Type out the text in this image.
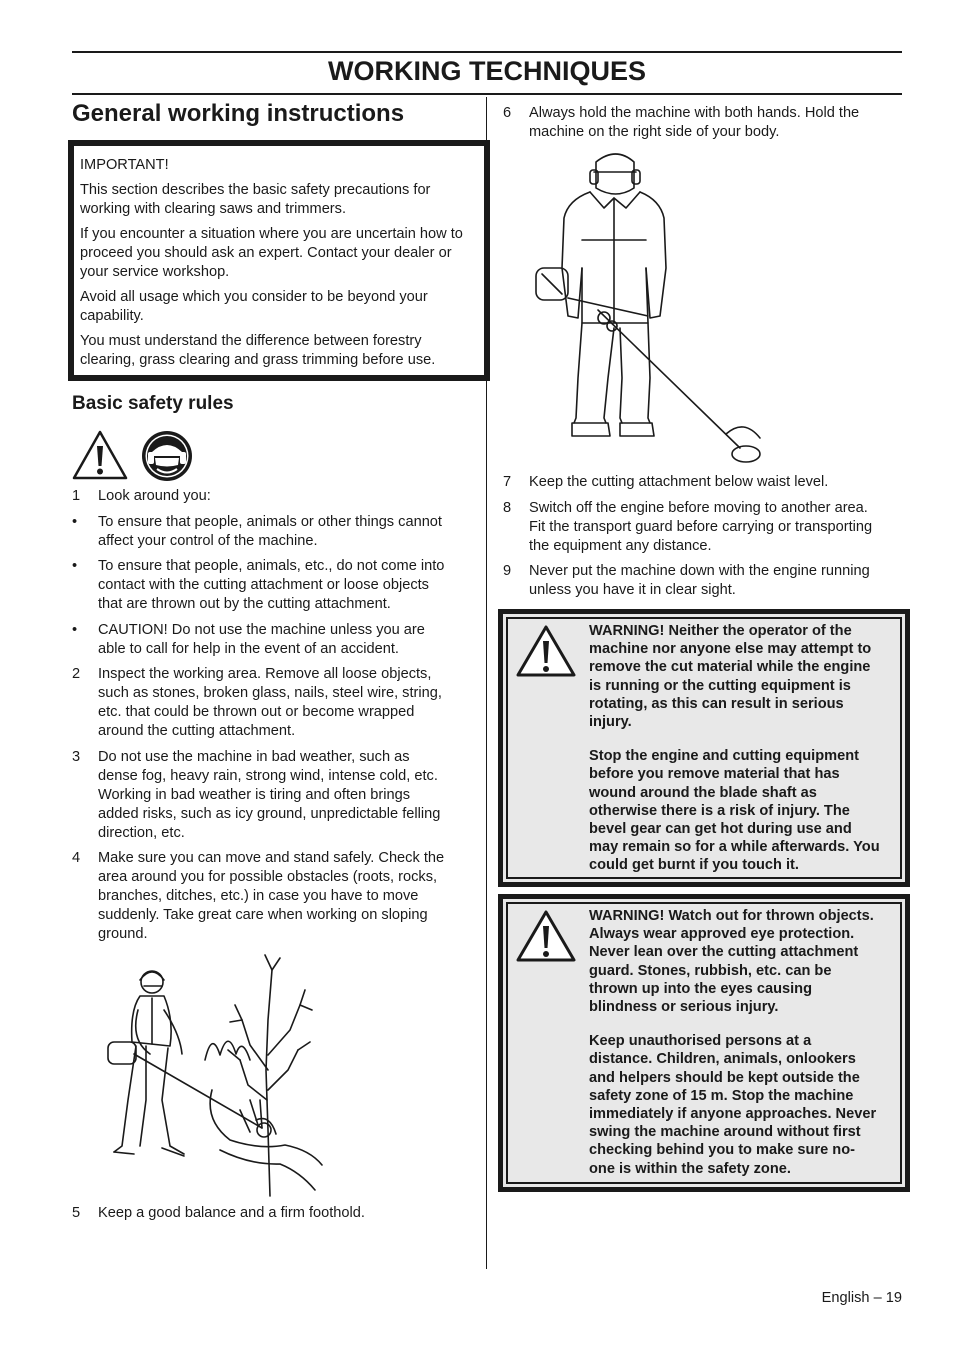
WORKING TECHNIQUES
General working instructions

IMPORTANT!

This section describes the basic safety precautions for working with clearing saws and trimmers.

If you encounter a situation where you are uncertain how to proceed you should ask an expert. Contact your dealer or your service workshop.

Avoid all usage which you consider to be beyond your capability.

You must understand the difference between forestry clearing, grass clearing and grass trimming before use.

Basic safety rules
1 Look around you:
• To ensure that people, animals or other things cannot
affect your control of the machine.
• To ensure that people, animals, etc., do not come into
contact with the cutting attachment or loose objects
that are thrown out by the cutting attachment.
• CAUTION! Do not use the machine unless you are
able to call for help in the event of an accident.
2 Inspect the working area. Remove all loose objects,
such as stones, broken glass, nails, steel wire, string,
etc. that could be thrown out or become wrapped
around the cutting attachment.
3 Do not use the machine in bad weather, such as
dense fog, heavy rain, strong wind, intense cold, etc.
Working in bad weather is tiring and often brings
added risks, such as icy ground, unpredictable felling
direction, etc.
4 Make sure you can move and stand safely. Check the
area around you for possible obstacles (roots, rocks,
branches, ditches, etc.) in case you have to move
suddenly. Take great care when working on sloping
ground.
5 Keep a good balance and a firm foothold.
6 Always hold the machine with both hands. Hold the
machine on the right side of your body.
7 Keep the cutting attachment below waist level.
8 Switch off the engine before moving to another area.
Fit the transport guard before carrying or transporting
the equipment any distance.
9 Never put the machine down with the engine running
unless you have it in clear sight.

WARNING! Neither the operator of the
machine nor anyone else may attempt to
remove the cut material while the engine
is running or the cutting equipment is
rotating, as this can result in serious
injury.

Stop the engine and cutting equipment
before you remove material that has
wound around the blade shaft as
otherwise there is a risk of injury. The
bevel gear can get hot during use and
may remain so for a while afterwards. You
could get burnt if you touch it.

WARNING! Watch out for thrown objects.
Always wear approved eye protection.
Never lean over the cutting attachment
guard. Stones, rubbish, etc. can be
thrown up into the eyes causing
blindness or serious injury.

Keep unauthorised persons at a
distance. Children, animals, onlookers
and helpers should be kept outside the
safety zone of 15 m. Stop the machine
immediately if anyone approaches. Never
swing the machine around without first
checking behind you to make sure no-
one is within the safety zone.

English – 19
